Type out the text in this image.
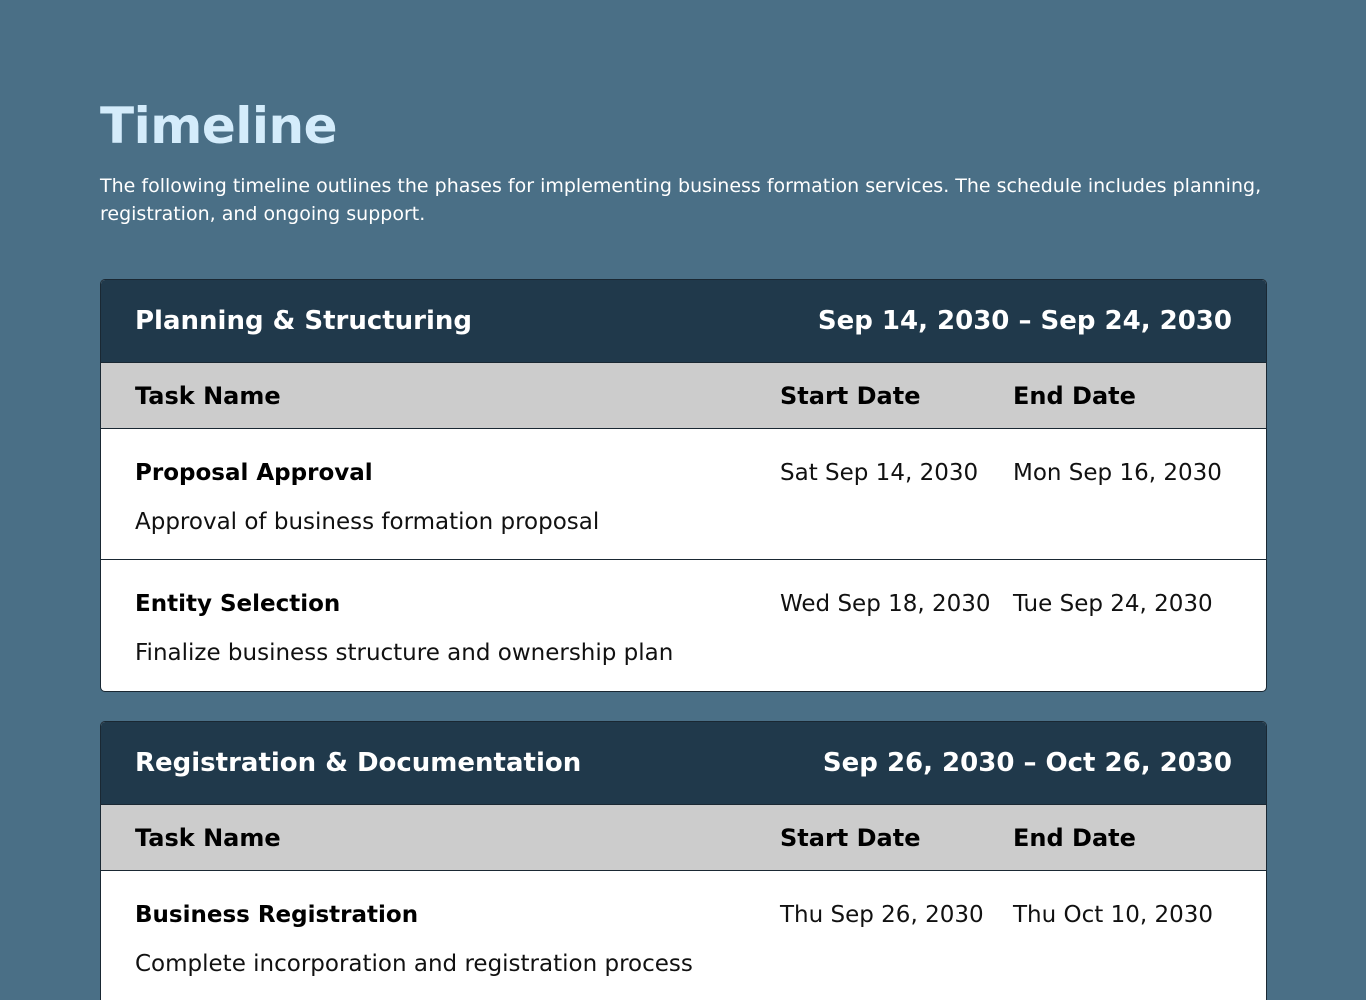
Timeline

The following timeline outlines the phases for implementing business formation services. The schedule includes planning, registration, and ongoing support.

Planning & Structuring	Sep 14, 2030 – Sep 24, 2030
Task Name	Start Date	End Date
Proposal Approval
Approval of business formation proposal
Sat Sep 14, 2030	Mon Sep 16, 2030
Entity Selection
Finalize business structure and ownership plan
Wed Sep 18, 2030 Tue Sep 24, 2030
Registration & Documentation	Sep 26, 2030 – Oct 26, 2030
Task Name	Start Date	End Date
Business Registration
Complete incorporation and registration process
Thu Sep 26, 2030	Thu Oct 10, 2030
